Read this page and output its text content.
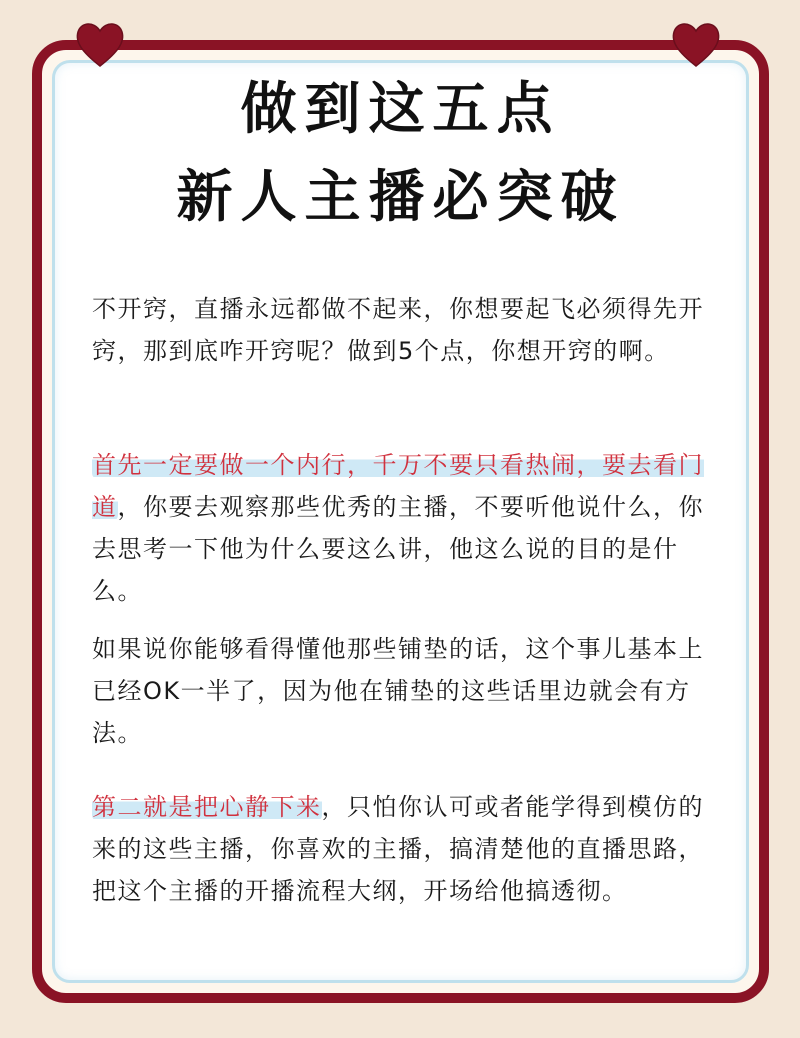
做到这五点
新人主播必突破

不开窍，直播永远都做不起来，你想要起飞必须得先开窍，那到底咋开窍呢？做到5个点，你想开窍的啊。

首先一定要做一个内行，千万不要只看热闹，要去看门道，你要去观察那些优秀的主播，不要听他说什么，你去思考一下他为什么要这么讲，他这么说的目的是什么。

如果说你能够看得懂他那些铺垫的话，这个事儿基本上已经OK一半了，因为他在铺垫的这些话里边就会有方法。

第二就是把心静下来，只怕你认可或者能学得到模仿的来的这些主播，你喜欢的主播，搞清楚他的直播思路，把这个主播的开播流程大纲，开场给他搞透彻。
